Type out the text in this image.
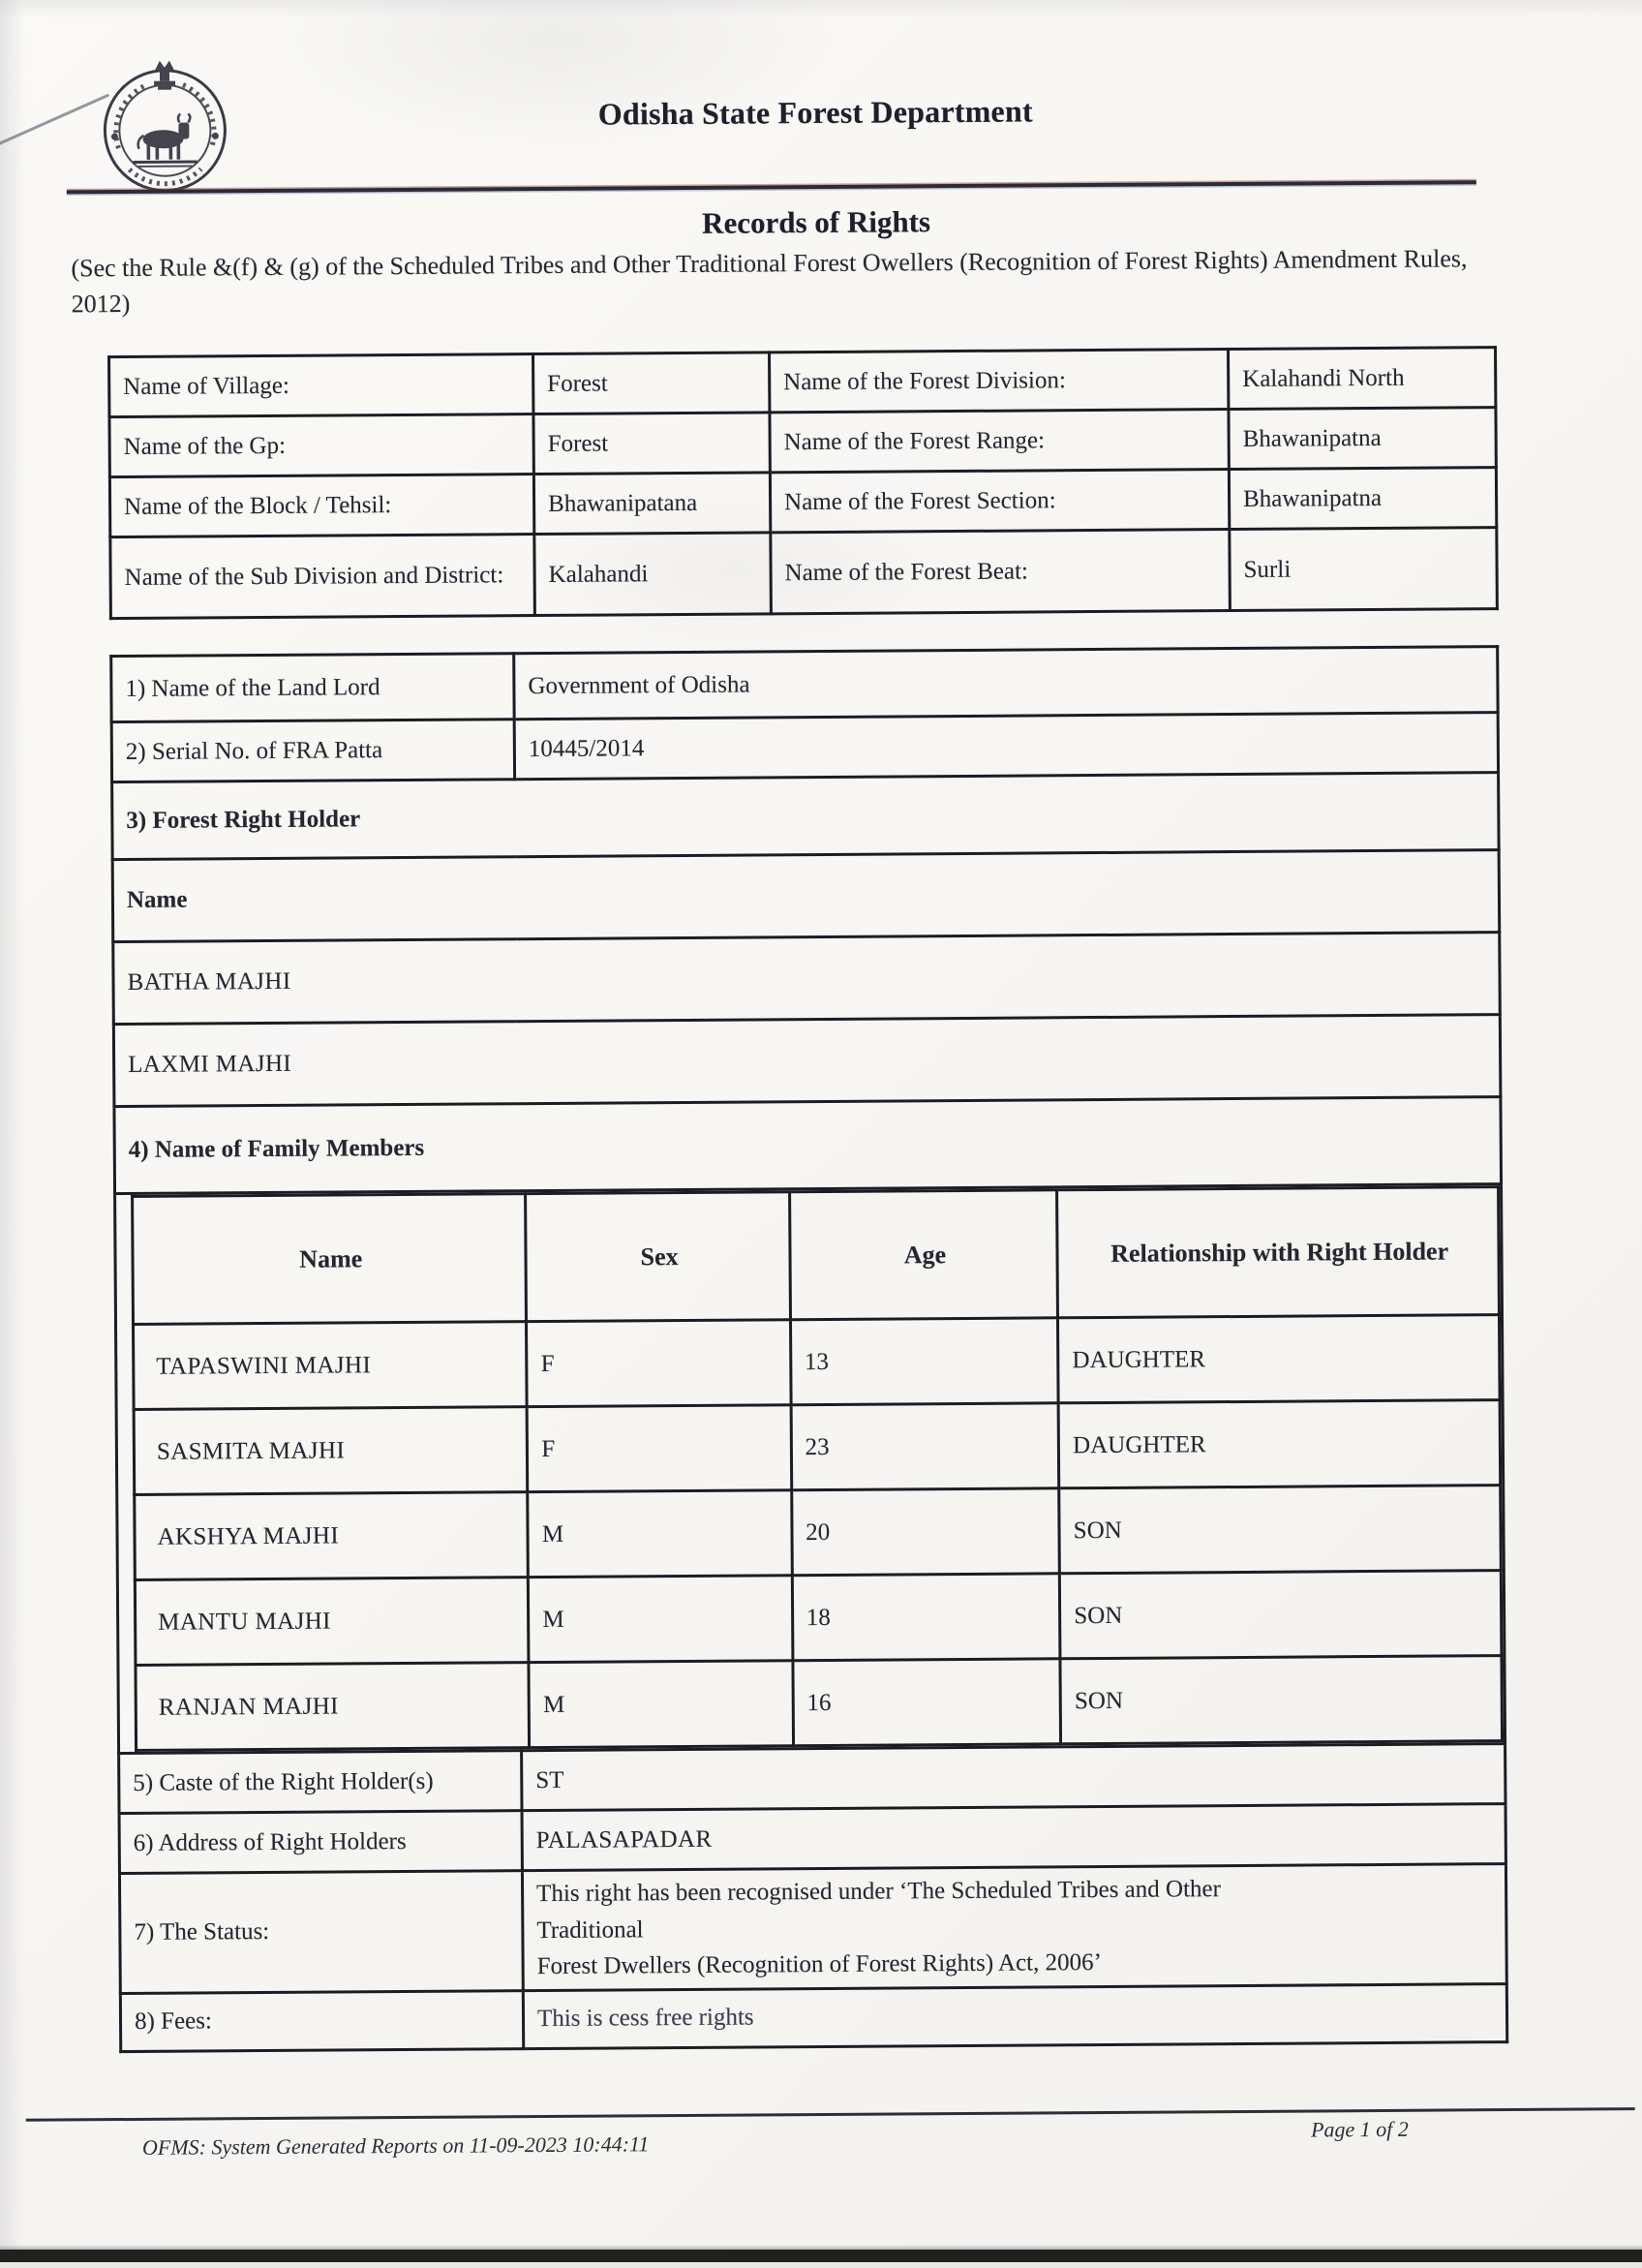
Odisha State Forest Department
Records of Rights
(Sec the Rule &(f) & (g) of the Scheduled Tribes and Other Traditional Forest Owellers (Recognition of Forest Rights) Amendment Rules, 2012)
Name of Village:	Forest	Name of the Forest Division:	Kalahandi North
Name of the Gp:	Forest	Name of the Forest Range:	Bhawanipatna
Name of the Block / Tehsil:	Bhawanipatana	Name of the Forest Section:	Bhawanipatna
Name of the Sub Division and District:	Kalahandi	Name of the Forest Beat:	Surli
1) Name of the Land Lord	Government of Odisha
2) Serial No. of FRA Patta	10445/2014
3) Forest Right Holder
Name
BATHA MAJHI
LAXMI MAJHI
4) Name of Family Members

Name	Sex	Age	Relationship with Right Holder
TAPASWINI MAJHI	F	13	DAUGHTER
SASMITA MAJHI	F	23	DAUGHTER
AKSHYA MAJHI	M	20	SON
MANTU MAJHI	M	18	SON
RANJAN MAJHI	M	16	SON

5) Caste of the Right Holder(s)	ST
6) Address of Right Holders	PALASAPADAR
7) The Status:	
This right has been recognised under ‘The Scheduled Tribes and Other
Traditional
Forest Dwellers (Recognition of Forest Rights) Act, 2006’

8) Fees:	This is cess free rights
OFMS: System Generated Reports on 11-09-2023 10:44:11
Page 1 of 2
